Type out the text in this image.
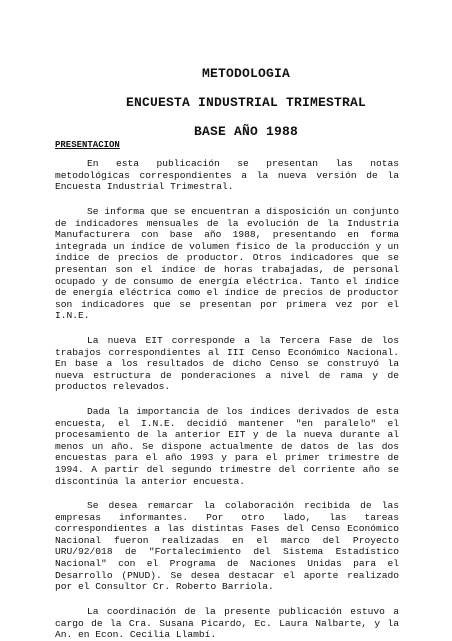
METODOLOGIA
ENCUESTA INDUSTRIAL TRIMESTRAL
BASE AÑO 1988
PRESENTACION

En esta publicación se presentan las notas metodológicas correspondientes a la nueva versión de la Encuesta Industrial Trimestral.

Se informa que se encuentran a disposición un conjunto de indicadores mensuales de la evolución de la Industria Manufacturera con base año 1988, presentando en forma integrada un índice de volumen físico de la producción y un índice de precios de productor. Otros indicadores que se presentan son el índice de horas trabajadas, de personal ocupado y de consumo de energía eléctrica. Tanto el índice de energía eléctrica como el índice de precios de productor son indicadores que se presentan por primera vez por el I.N.E.

La nueva EIT corresponde a la Tercera Fase de los trabajos correspondientes al III Censo Económico Nacional. En base a los resultados de dicho Censo se construyó la nueva estructura de ponderaciones a nivel de rama y de productos relevados.

Dada la importancia de los índices derivados de esta encuesta, el I.N.E. decidió mantener "en paralelo" el procesamiento de la anterior EIT y de la nueva durante al menos un año. Se dispone actualmente de datos de las dos encuestas para el año 1993 y para el primer trimestre de 1994. A partir del segundo trimestre del corriente año se discontinúa la anterior encuesta.

Se desea remarcar la colaboración recibida de las empresas informantes. Por otro lado, las tareas correspondientes a las distintas Fases del Censo Económico Nacional fueron realizadas en el marco del Proyecto URU/92/018 de "Fortalecimiento del Sistema Estadístico Nacional" con el Programa de Naciones Unidas para el Desarrollo (PNUD). Se desea destacar el aporte realizado por el Consultor Cr. Roberto Barriola.

La coordinación de la presente publicación estuvo a cargo de la Cra. Susana Picardo, Ec. Laura Nalbarte, y la An. en Econ. Cecilia Llambí.
